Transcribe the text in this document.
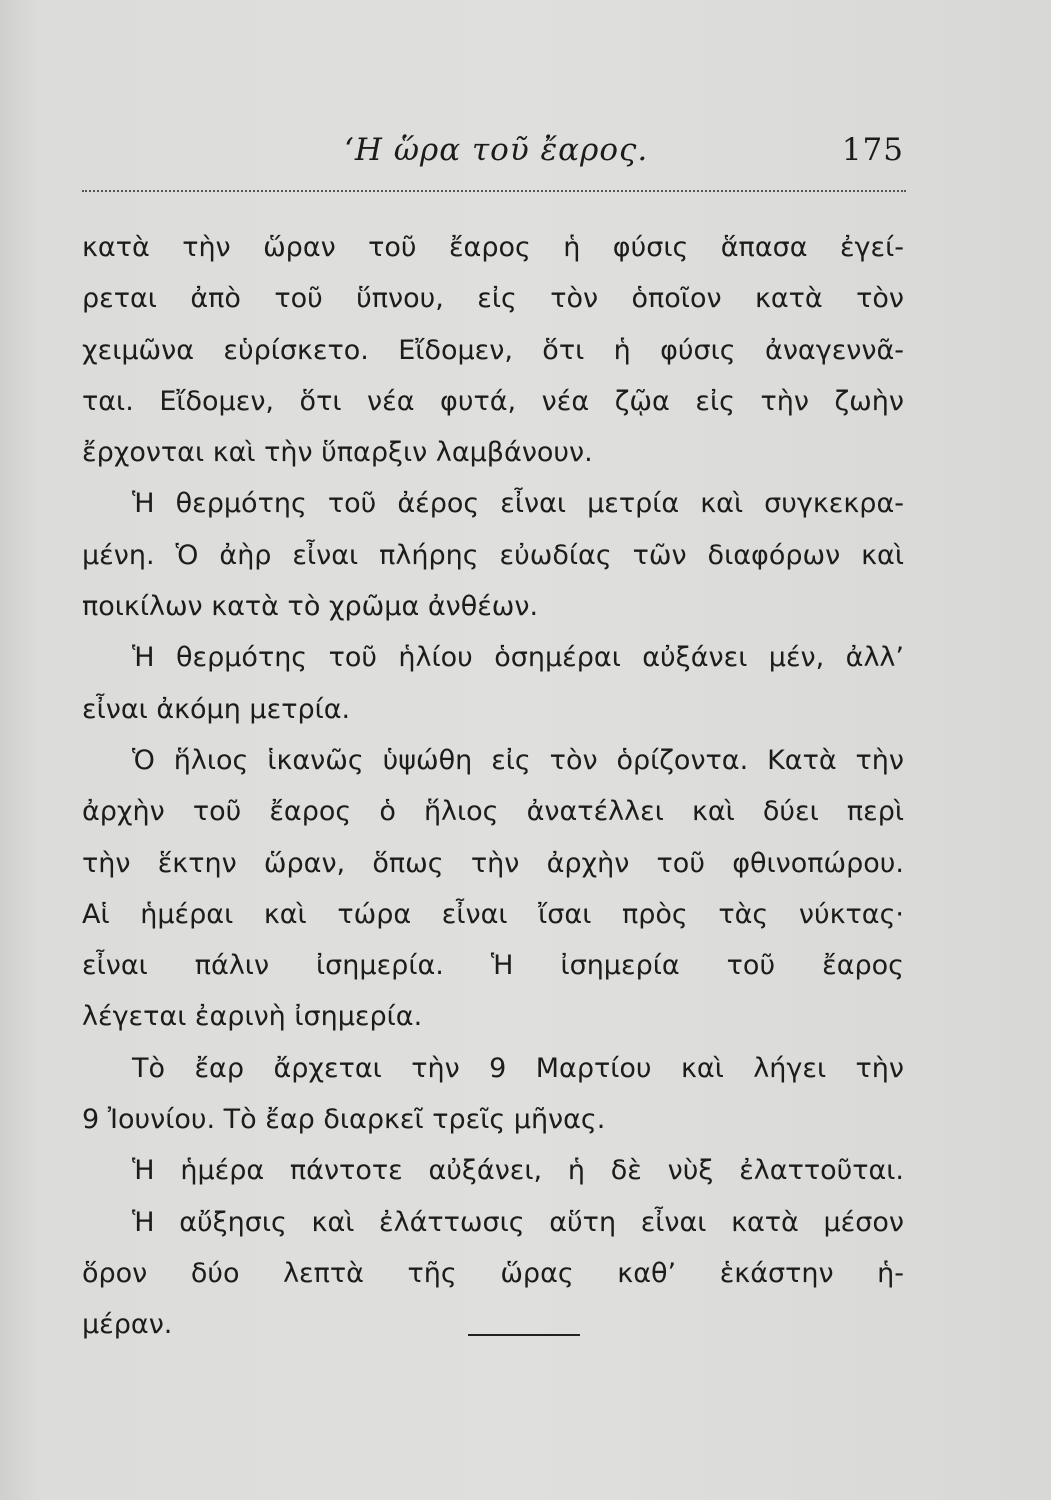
‘Η ὥρα τοῦ ἔαρος.	175
κατὰ τὴν ὥραν τοῦ ἔαρος ἡ φύσις ἅπασα ἐγεί-
ρεται ἀπὸ τοῦ ὕπνου, εἰς τὸν ὁποῖον κατὰ τὸν
χειμῶνα εὑρίσκετο. Εἴδομεν, ὅτι ἡ φύσις ἀναγεννᾶ-
ται. Εἴδομεν, ὅτι νέα φυτά, νέα ζῷα εἰς τὴν ζωὴν
ἔρχονται καὶ τὴν ὕπαρξιν λαμβάνουν.
Ἡ θερμότης τοῦ ἀέρος εἶναι μετρία καὶ συγκεκρα-
μένη. Ὁ ἀὴρ εἶναι πλήρης εὐωδίας τῶν διαφόρων καὶ
ποικίλων κατὰ τὸ χρῶμα ἀνθέων.
Ἡ θερμότης τοῦ ἡλίου ὁσημέραι αὐξάνει μέν, ἀλλ’
εἶναι ἀκόμη μετρία.
Ὁ ἥλιος ἱκανῶς ὑψώθη εἰς τὸν ὁρίζοντα. Κατὰ τὴν
ἀρχὴν τοῦ ἔαρος ὁ ἥλιος ἀνατέλλει καὶ δύει περὶ
τὴν ἕκτην ὥραν, ὅπως τὴν ἀρχὴν τοῦ φθινοπώρου.
Αἱ ἡμέραι καὶ τώρα εἶναι ἴσαι πρὸς τὰς νύκτας·
εἶναι πάλιν ἰσημερία. Ἡ ἰσημερία τοῦ ἔαρος
λέγεται ἐαρινὴ ἰσημερία.
Τὸ ἔαρ ἄρχεται τὴν 9 Μαρτίου καὶ λήγει τὴν
9 Ἰουνίου. Τὸ ἔαρ διαρκεῖ τρεῖς μῆνας.
Ἡ ἡμέρα πάντοτε αὐξάνει, ἡ δὲ νὺξ ἐλαττοῦται.
Ἡ αὔξησις καὶ ἐλάττωσις αὕτη εἶναι κατὰ μέσον
ὅρον δύο λεπτὰ τῆς ὥρας καθ’ ἑκάστην ἡ-
μέραν.
